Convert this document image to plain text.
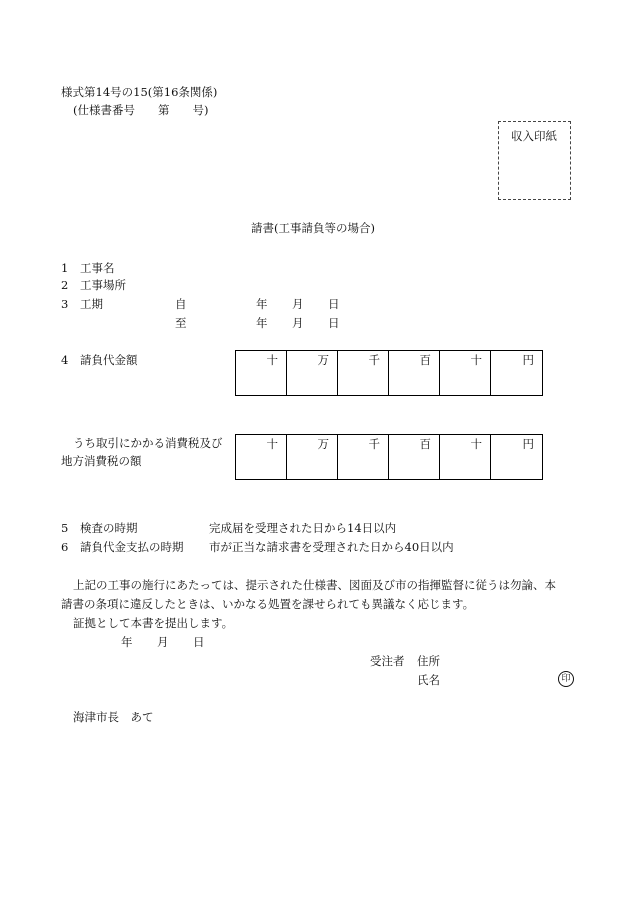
様式第14号の15(第16条関係)
(仕様書番号　　第　　号)
収入印紙
請書(工事請負等の場合)
1 工事名
2 工事場所
3 工期	自	年 月 日
至	年 月 日
4 請負代金額	十	万	千	百	十	円
うち取引にかかる消費税及び
地方消費税の額
十	万	千	百	十	円
5 検査の時期	完成届を受理された日から14日以内
6 請負代金支払の時期 市が正当な請求書を受理された日から40日以内
上記の工事の施行にあたっては、提示された仕様書、図面及び市の指揮監督に従うは勿論、本
請書の条項に違反したときは、いかなる処置を課せられても異議なく応じます。
証拠として本書を提出します。
年 月 日
受注者 住所
氏名	印
海津市長　あて
